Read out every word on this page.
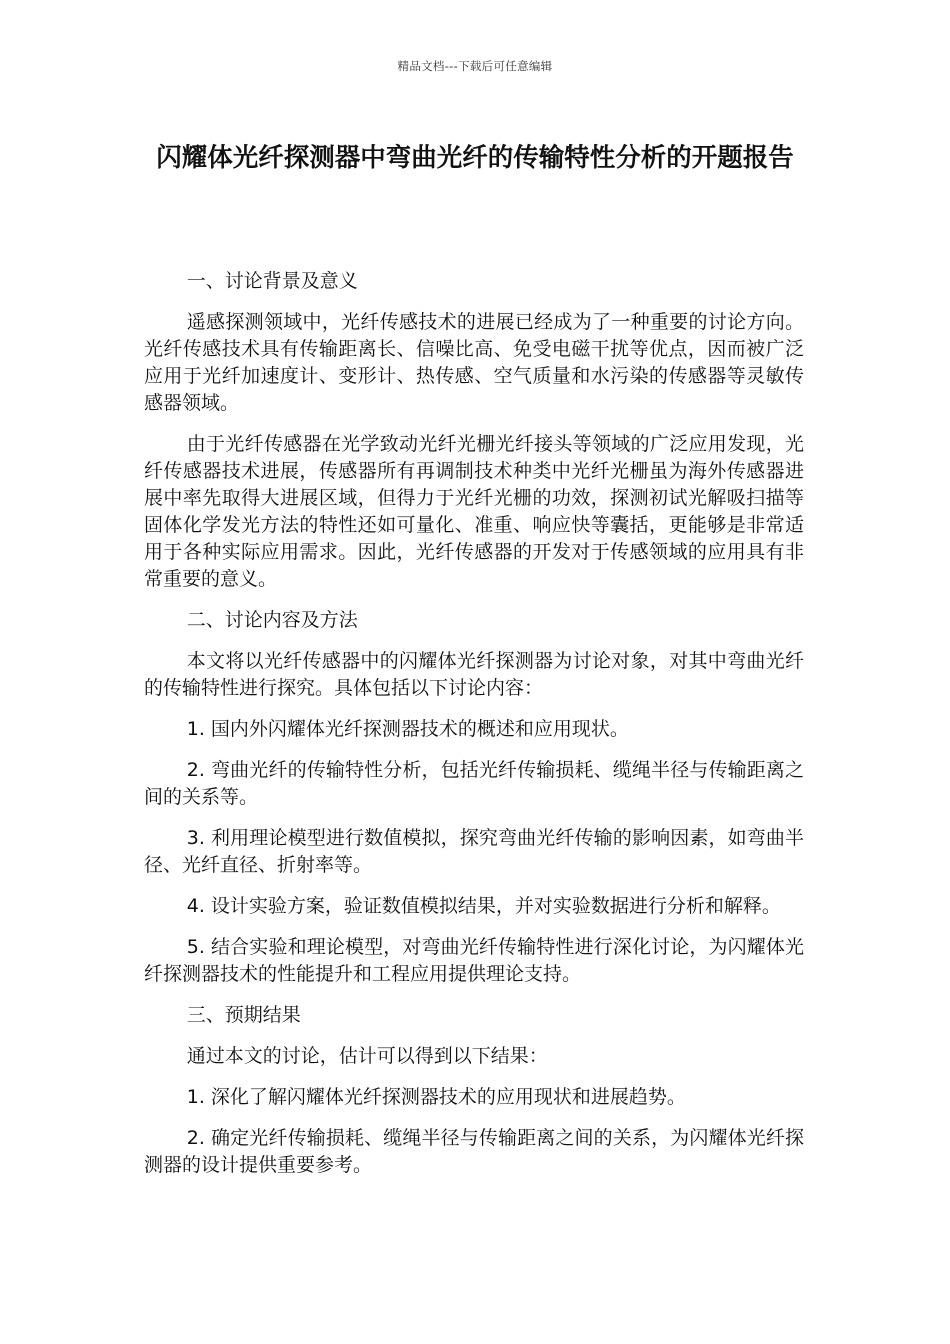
精品文档---下载后可任意编辑
闪耀体光纤探测器中弯曲光纤的传输特性分析的开题报告

一、讨论背景及意义

遥感探测领域中，光纤传感技术的进展已经成为了一种重要的讨论方向。光纤传感技术具有传输距离长、信噪比高、免受电磁干扰等优点，因而被广泛应用于光纤加速度计、变形计、热传感、空气质量和水污染的传感器等灵敏传感器领域。

由于光纤传感器在光学致动光纤光栅光纤接头等领域的广泛应用发现，光纤传感器技术进展，传感器所有再调制技术种类中光纤光栅虽为海外传感器进展中率先取得大进展区域，但得力于光纤光栅的功效，探测初试光解吸扫描等固体化学发光方法的特性还如可量化、准重、响应快等囊括，更能够是非常适用于各种实际应用需求。因此，光纤传感器的开发对于传感领域的应用具有非常重要的意义。

二、讨论内容及方法

本文将以光纤传感器中的闪耀体光纤探测器为讨论对象，对其中弯曲光纤的传输特性进行探究。具体包括以下讨论内容：

1. 国内外闪耀体光纤探测器技术的概述和应用现状。

2. 弯曲光纤的传输特性分析，包括光纤传输损耗、缆绳半径与传输距离之间的关系等。

3. 利用理论模型进行数值模拟，探究弯曲光纤传输的影响因素，如弯曲半径、光纤直径、折射率等。

4. 设计实验方案，验证数值模拟结果，并对实验数据进行分析和解释。

5. 结合实验和理论模型，对弯曲光纤传输特性进行深化讨论，为闪耀体光纤探测器技术的性能提升和工程应用提供理论支持。

三、预期结果

通过本文的讨论，估计可以得到以下结果：

1. 深化了解闪耀体光纤探测器技术的应用现状和进展趋势。

2. 确定光纤传输损耗、缆绳半径与传输距离之间的关系，为闪耀体光纤探测器的设计提供重要参考。
